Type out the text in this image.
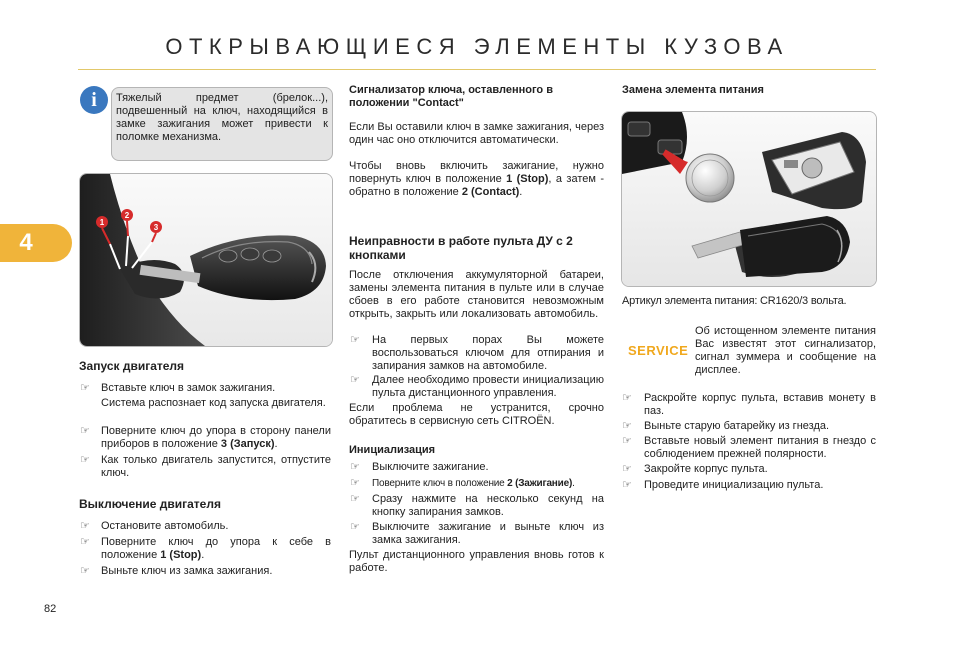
ОТКРЫВАЮЩИЕСЯ ЭЛЕМЕНТЫ КУЗОВА
4
i	Тяжелый предмет (брелок...), подвешенный на ключ, находящийся в замке зажигания может привести к поломке механизма.
1
2
3
Запуск двигателя
☞	Вставьте ключ в замок зажигания.
Система распознает код запуска двигателя.
☞	Поверните ключ до упора в сторону панели приборов в положение 3 (Запуск).
☞	Как только двигатель запустится, отпустите ключ.
Выключение двигателя
☞	Остановите автомобиль.
☞	Поверните ключ до упора к себе в положение 1 (Stop).
☞	Выньте ключ из замка зажигания.
Сигнализатор ключа, оставленного в положении "Contact"
Если Вы оставили ключ в замке зажигания, через один час оно отключится автоматически.
Чтобы вновь включить зажигание, нужно повернуть ключ в положение 1 (Stop), а затем - обратно в положение 2 (Contact).
Неиправности в работе пульта ДУ с 2 кнопками
После отключения аккумуляторной батареи, замены элемента питания в пульте или в случае сбоев в его работе становится невозможным открыть, закрыть или локализовать автомобиль.
☞	На первых порах Вы можете воспользоваться ключом для отпирания и запирания замков на автомобиле.
☞	Далее необходимо провести инициализацию пульта дистанционного управления.
Если проблема не устранится, срочно обратитесь в сервисную сеть CITROËN.
Инициализация
☞	Выключите зажигание.
☞	Поверните ключ в положение 2 (Зажигание).
☞	Сразу нажмите на несколько секунд на кнопку запирания замков.
☞	Выключите зажигание и выньте ключ из замка зажигания.
Пульт дистанционного управления вновь готов к работе.
Замена элемента питания
Артикул элемента питания: CR1620/3 вольта.
SERVICE
Об истощенном элементе питания Вас известят этот сигнализатор, сигнал зуммера и сообщение на дисплее.
☞	Раскройте корпус пульта, вставив монету в паз.
☞	Выньте старую батарейку из гнезда.
☞	Вставьте новый элемент питания в гнездо с соблюдением прежней полярности.
☞	Закройте корпус пульта.
☞	Проведите инициализацию пульта.
82
